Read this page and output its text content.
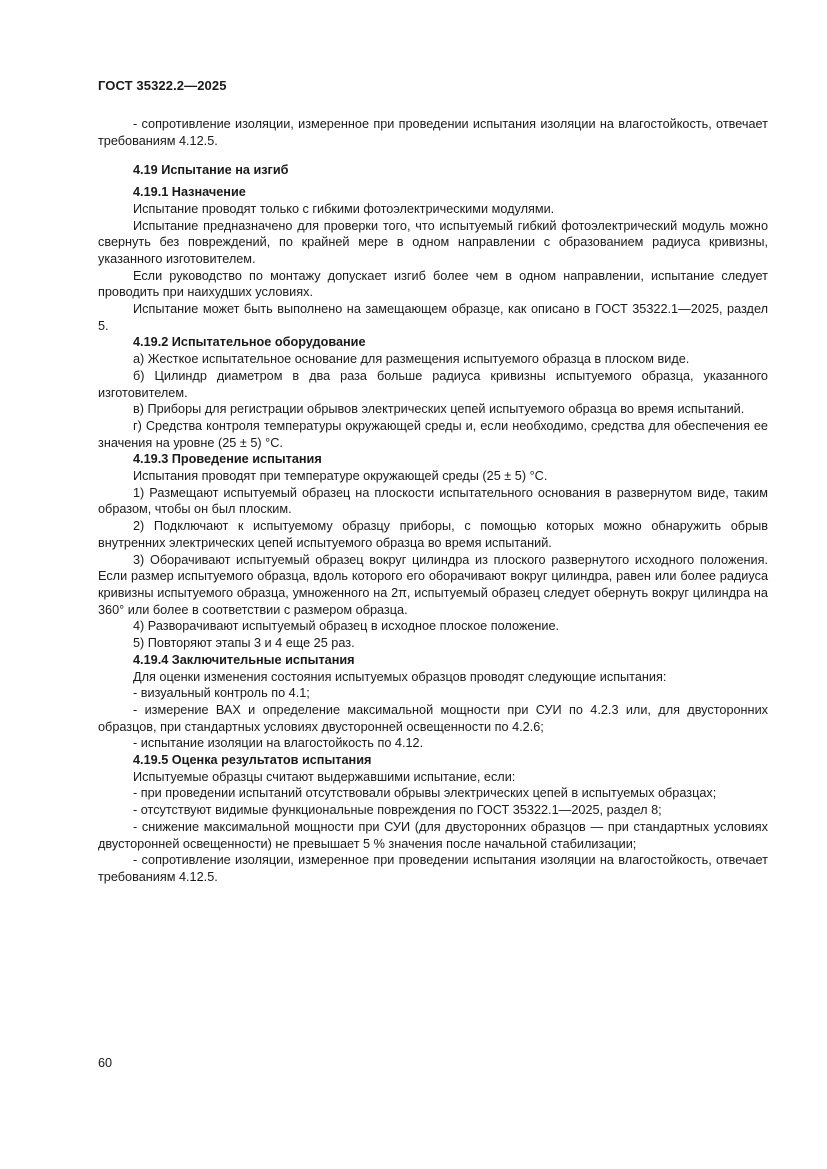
ГОСТ 35322.2—2025

- сопротивление изоляции, измеренное при проведении испытания изоляции на влагостойкость, отвечает требованиям 4.12.5.

4.19 Испытание на изгиб

4.19.1 Назначение

Испытание проводят только с гибкими фотоэлектрическими модулями.

Испытание предназначено для проверки того, что испытуемый гибкий фотоэлектрический модуль можно свернуть без повреждений, по крайней мере в одном направлении с образованием радиуса кривизны, указанного изготовителем.

Если руководство по монтажу допускает изгиб более чем в одном направлении, испытание следует проводить при наихудших условиях.

Испытание может быть выполнено на замещающем образце, как описано в ГОСТ 35322.1—2025, раздел 5.

4.19.2 Испытательное оборудование

а) Жесткое испытательное основание для размещения испытуемого образца в плоском виде.

б) Цилиндр диаметром в два раза больше радиуса кривизны испытуемого образца, указанного изготовителем.

в) Приборы для регистрации обрывов электрических цепей испытуемого образца во время испытаний.

г) Средства контроля температуры окружающей среды и, если необходимо, средства для обеспечения ее значения на уровне (25 ± 5) °С.

4.19.3 Проведение испытания

Испытания проводят при температуре окружающей среды (25 ± 5) °С.

1) Размещают испытуемый образец на плоскости испытательного основания в развернутом виде, таким образом, чтобы он был плоским.

2) Подключают к испытуемому образцу приборы, с помощью которых можно обнаружить обрыв внутренних электрических цепей испытуемого образца во время испытаний.

3) Оборачивают испытуемый образец вокруг цилиндра из плоского развернутого исходного положения. Если размер испытуемого образца, вдоль которого его оборачивают вокруг цилиндра, равен или более радиуса кривизны испытуемого образца, умноженного на 2π, испытуемый образец следует обернуть вокруг цилиндра на 360° или более в соответствии с размером образца.

4) Разворачивают испытуемый образец в исходное плоское положение.

5) Повторяют этапы 3 и 4 еще 25 раз.

4.19.4 Заключительные испытания

Для оценки изменения состояния испытуемых образцов проводят следующие испытания:

- визуальный контроль по 4.1;

- измерение ВАХ и определение максимальной мощности при СУИ по 4.2.3 или, для двусторонних образцов, при стандартных условиях двусторонней освещенности по 4.2.6;

- испытание изоляции на влагостойкость по 4.12.

4.19.5 Оценка результатов испытания

Испытуемые образцы считают выдержавшими испытание, если:

- при проведении испытаний отсутствовали обрывы электрических цепей в испытуемых образцах;

- отсутствуют видимые функциональные повреждения по ГОСТ 35322.1—2025, раздел 8;

- снижение максимальной мощности при СУИ (для двусторонних образцов — при стандартных условиях двусторонней освещенности) не превышает 5 % значения после начальной стабилизации;

- сопротивление изоляции, измеренное при проведении испытания изоляции на влагостойкость, отвечает требованиям 4.12.5.

60
